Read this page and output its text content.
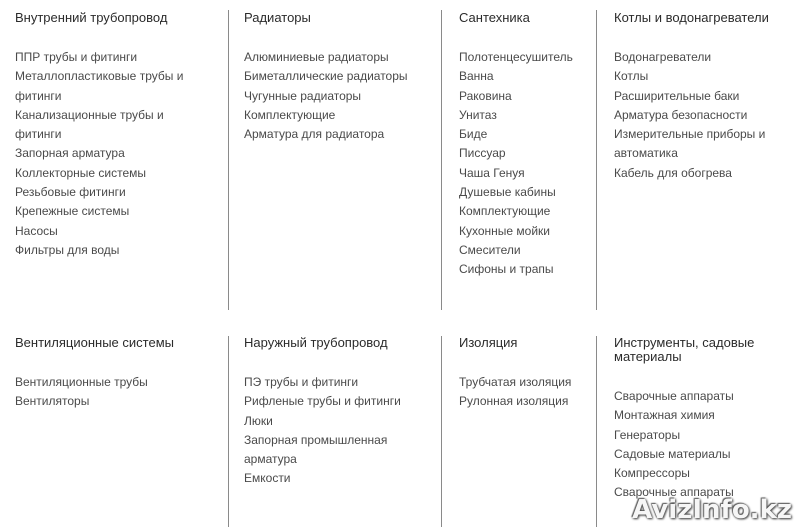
Внутренний трубопровод
ППР трубы и фитинги
Металлопластиковые трубы и
фитинги
Канализационные трубы и
фитинги
Запорная арматура
Коллекторные системы
Резьбовые фитинги
Крепежные системы
Насосы
Фильтры для воды
Радиаторы
Алюминиевые радиаторы
Биметаллические радиаторы
Чугунные радиаторы
Комплектующие
Арматура для радиатора
Сантехника
Полотенцесушитель
Ванна
Раковина
Унитаз
Биде
Писсуар
Чаша Генуя
Душевые кабины
Комплектующие
Кухонные мойки
Смесители
Сифоны и трапы
Котлы и водонагреватели
Водонагреватели
Котлы
Расширительные баки
Арматура безопасности
Измерительные приборы и
автоматика
Кабель для обогрева
Вентиляционные системы
Вентиляционные трубы
Вентиляторы
Наружный трубопровод
ПЭ трубы и фитинги
Рифленые трубы и фитинги
Люки
Запорная промышленная
арматура
Емкости
Изоляция
Трубчатая изоляция
Рулонная изоляция
Инструменты, садовые
материалы
Сварочные аппараты
Монтажная химия
Генераторы
Садовые материалы
Компрессоры
Сварочные аппараты
AvizInfo.kz
